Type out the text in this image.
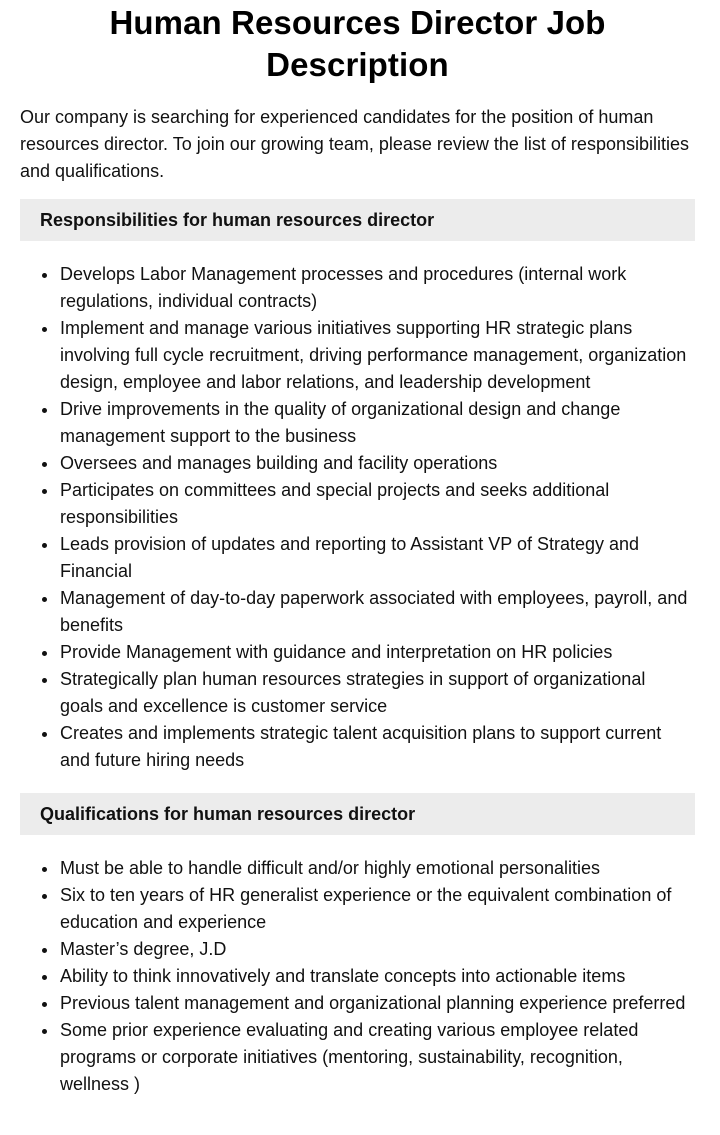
Human Resources Director Job Description

Our company is searching for experienced candidates for the position of human resources director. To join our growing team, please review the list of responsibilities and qualifications.

Responsibilities for human resources director
Develops Labor Management processes and procedures (internal work regulations, individual contracts)
Implement and manage various initiatives supporting HR strategic plans involving full cycle recruitment, driving performance management, organization design, employee and labor relations, and leadership development
Drive improvements in the quality of organizational design and change management support to the business
Oversees and manages building and facility operations
Participates on committees and special projects and seeks additional responsibilities
Leads provision of updates and reporting to Assistant VP of Strategy and Financial
Management of day-to-day paperwork associated with employees, payroll, and benefits
Provide Management with guidance and interpretation on HR policies
Strategically plan human resources strategies in support of organizational goals and excellence is customer service
Creates and implements strategic talent acquisition plans to support current and future hiring needs
Qualifications for human resources director
Must be able to handle difficult and/or highly emotional personalities
Six to ten years of HR generalist experience or the equivalent combination of education and experience
Master’s degree, J.D
Ability to think innovatively and translate concepts into actionable items
Previous talent management and organizational planning experience preferred
Some prior experience evaluating and creating various employee related programs or corporate initiatives (mentoring, sustainability, recognition, wellness )
